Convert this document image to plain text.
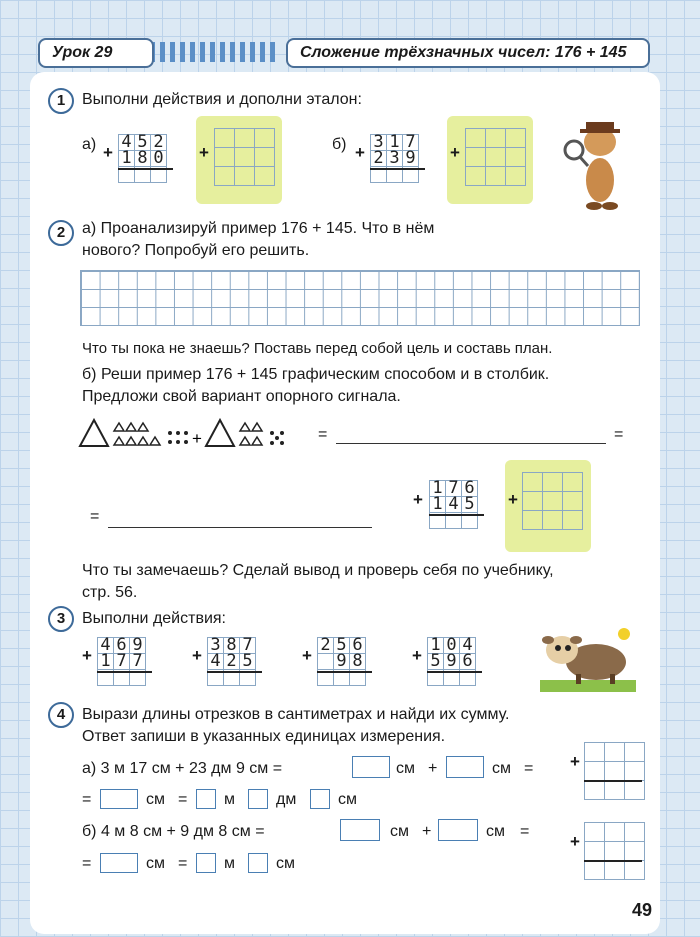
Урок 29	Сложение трёхзначных чисел: 176 + 145
1	Выполни действия и дополни эталон:
а) +
4	5	2
1	8	0
		+

			б) +
3	1	7
2	3	9
		+

2	а) Проанализируй пример 176 + 145. Что в нём
нового? Попробуй его решить.
Что ты пока не знаешь? Поставь перед собой цель и составь план.
б) Реши пример 176 + 145 графическим способом и в столбик.
Предложи свой вариант опорного сигнала.
+	=	=
+
1	7	6
1	4	5
		+

=
Что ты замечаешь? Сделай вывод и проверь себя по учебнику,
стр. 56.
3	Выполни действия:
+
4	6	9
1	7	7
			+
3	8	7
4	2	5
			+
2	5	6
	9	8
			+
1	0	4
5	9	6

4	Вырази длины отрезков в сантиметрах и найди их сумму.
Ответ запиши в указанных единицах измерения.
а) 3 м 17 см + 23 дм 9 см =	см +	см =
=	см = м	дм	см
б) 4 м 8 см + 9 дм 8 см =	см +	см =
=	см = м	см
+

+

49
